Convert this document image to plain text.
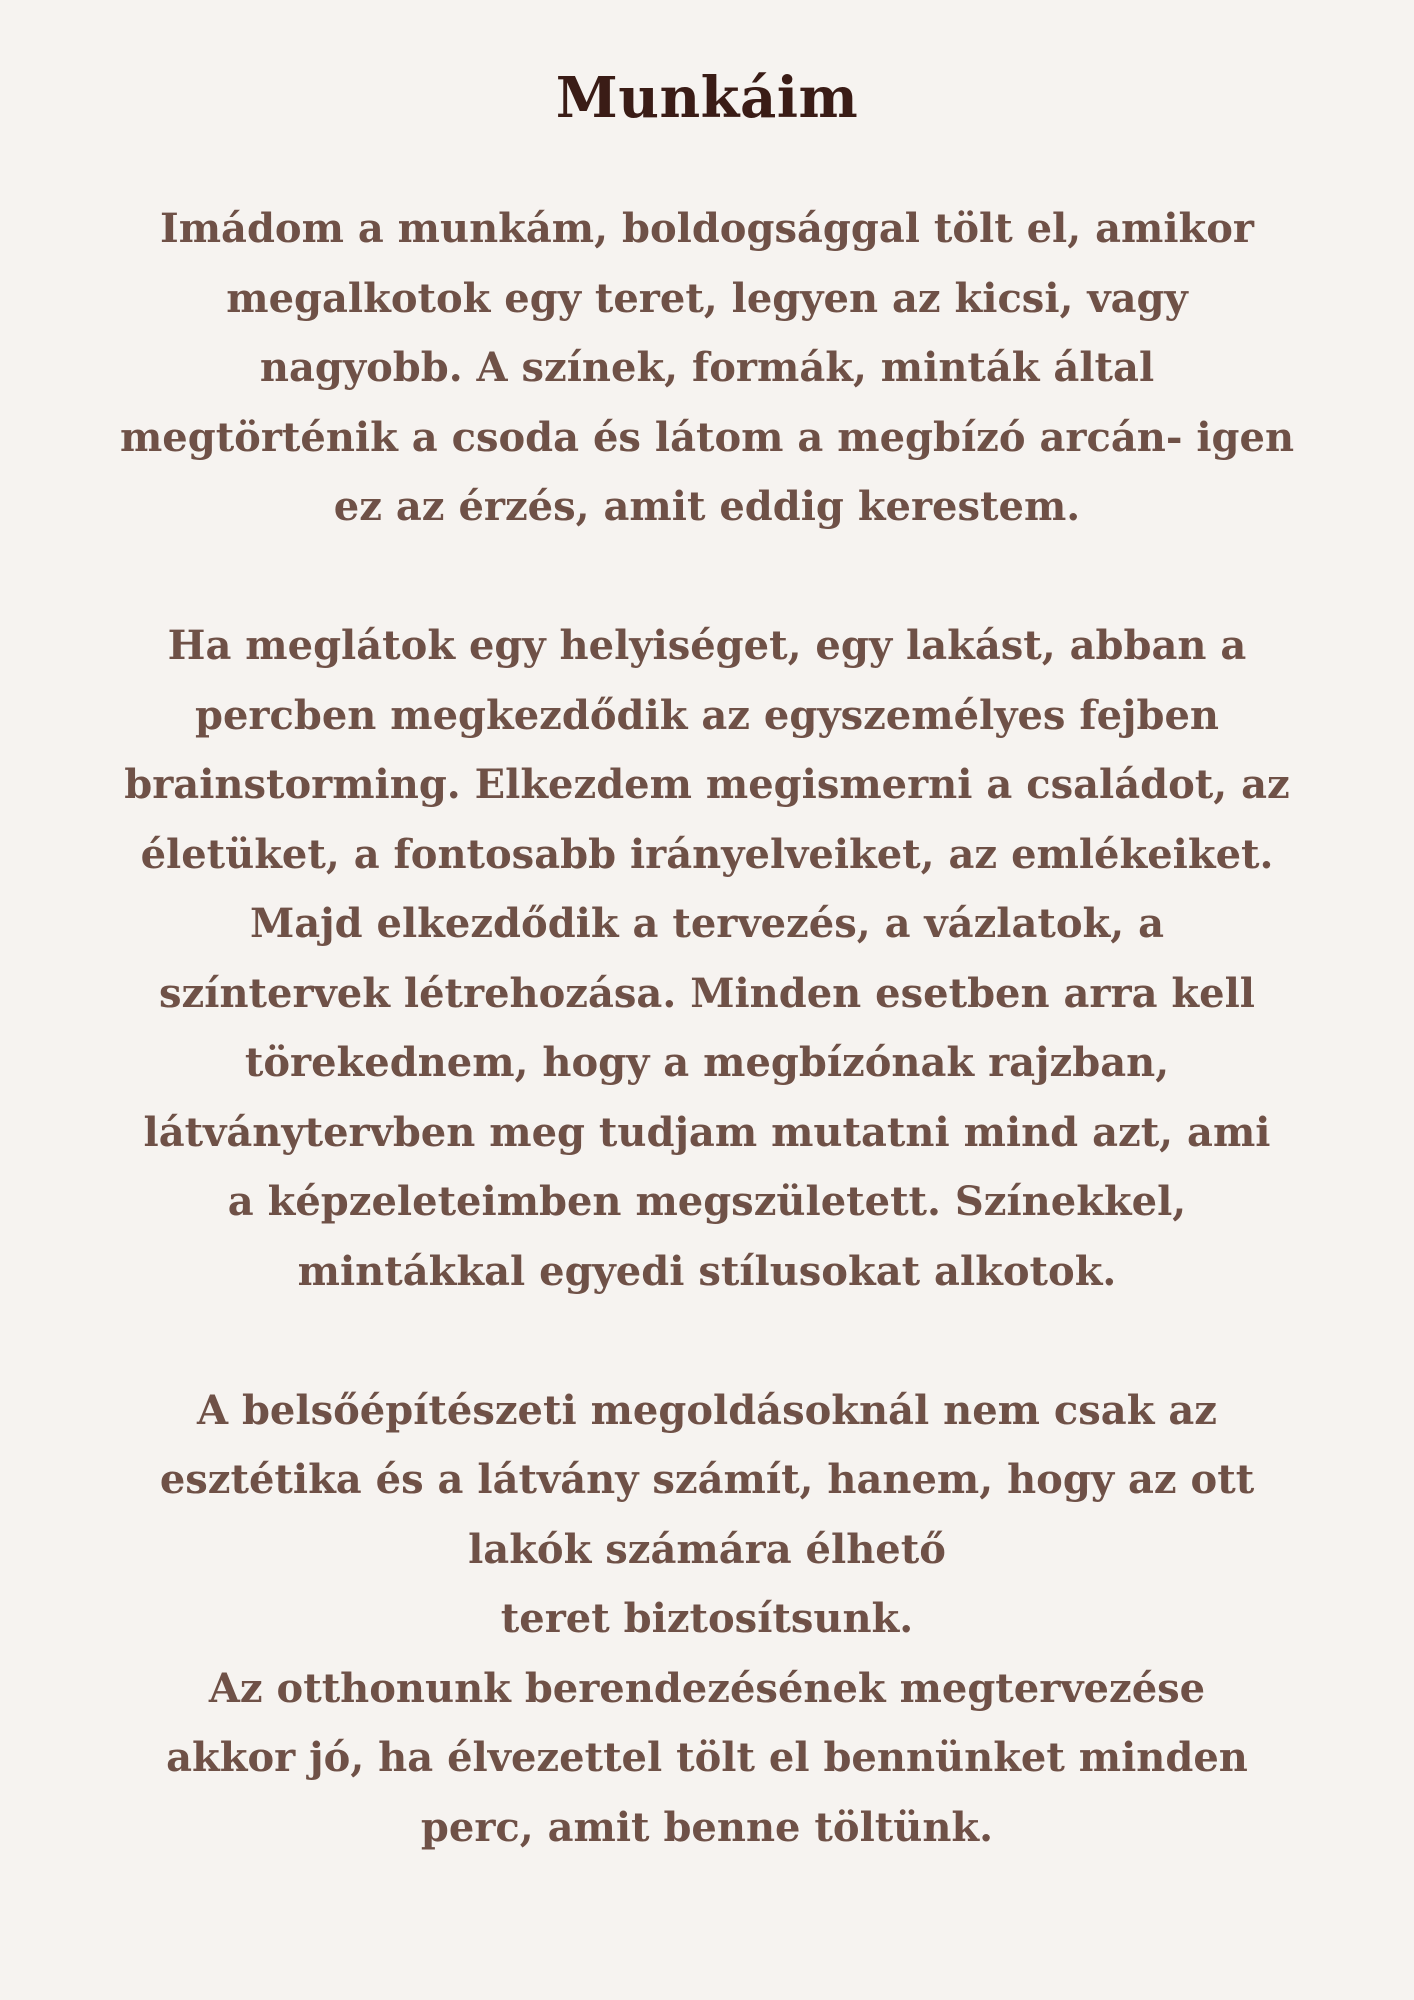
Munkáim

Imádom a munkám, boldogsággal tölt el, amikor
megalkotok egy teret, legyen az kicsi, vagy
nagyobb. A színek, formák, minták által
megtörténik a csoda és látom a megbízó arcán- igen
ez az érzés, amit eddig kerestem.

Ha meglátok egy helyiséget, egy lakást, abban a
percben megkezdődik az egyszemélyes fejben
brainstorming. Elkezdem megismerni a családot, az
életüket, a fontosabb irányelveiket, az emlékeiket.
Majd elkezdődik a tervezés, a vázlatok, a
színtervek létrehozása. Minden esetben arra kell
törekednem, hogy a megbízónak rajzban,
látványtervben meg tudjam mutatni mind azt, ami
a képzeleteimben megszületett. Színekkel,
mintákkal egyedi stílusokat alkotok.

A belsőépítészeti megoldásoknál nem csak az
esztétika és a látvány számít, hanem, hogy az ott
lakók számára élhető
teret biztosítsunk.
Az otthonunk berendezésének megtervezése
akkor jó, ha élvezettel tölt el bennünket minden
perc, amit benne töltünk.
